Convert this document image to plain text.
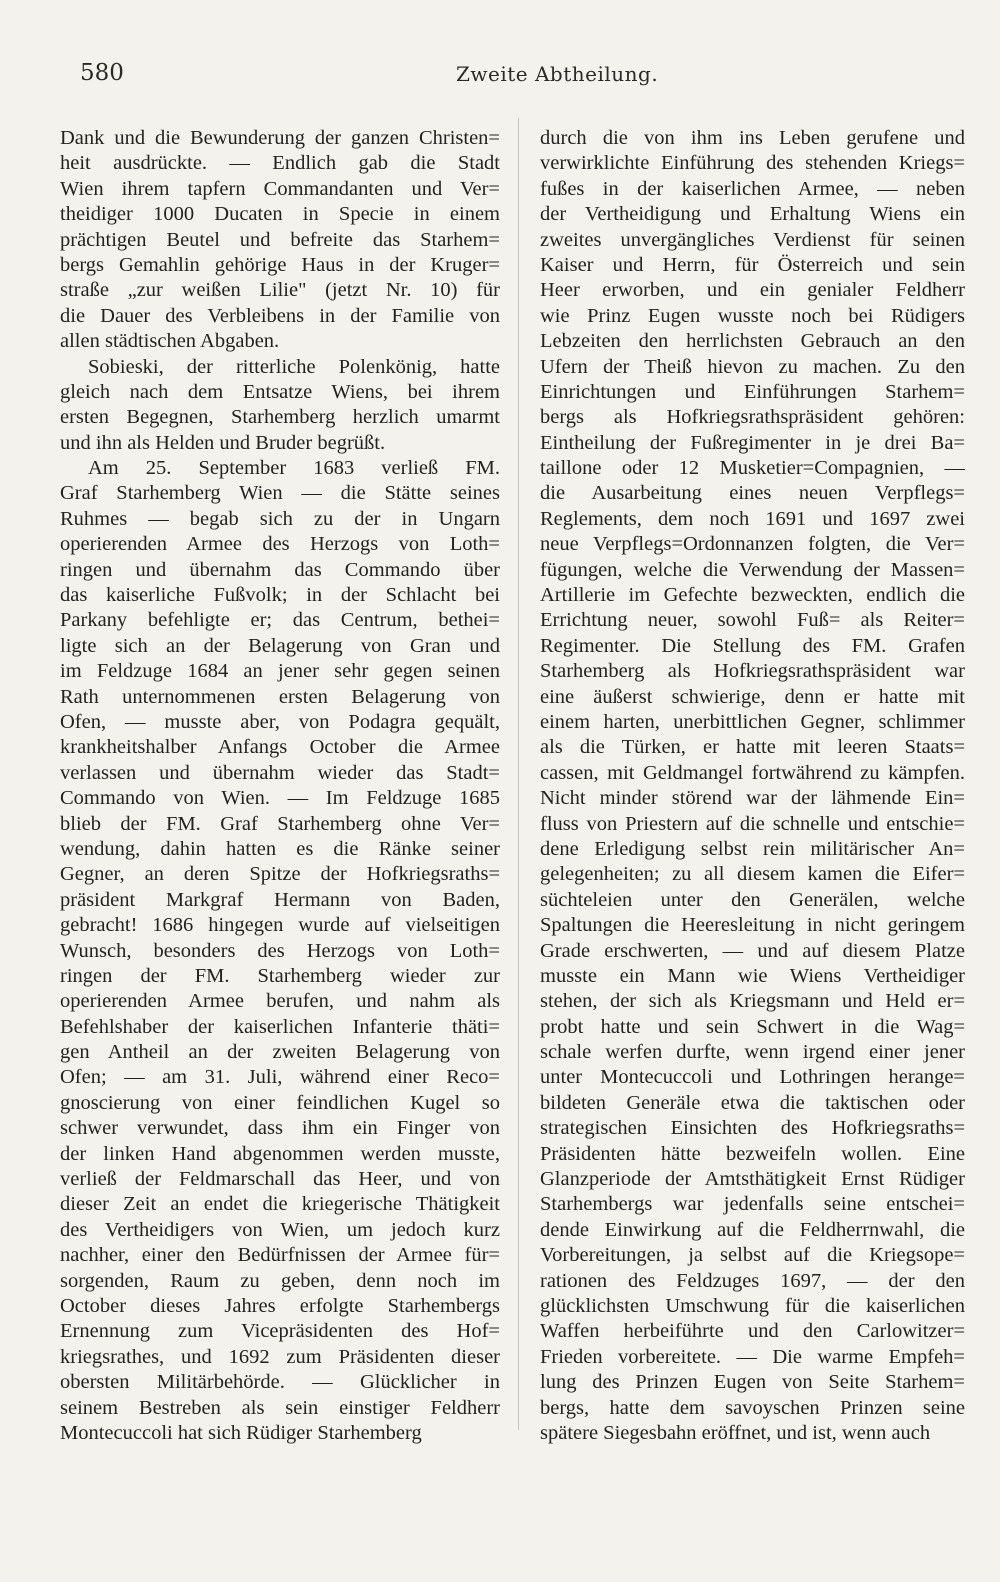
580	Zweite Abtheilung.
Dank und die Bewunderung der ganzen Christen=
heit ausdrückte. — Endlich gab die Stadt
Wien ihrem tapfern Commandanten und Ver=
theidiger 1000 Ducaten in Specie in einem
prächtigen Beutel und befreite das Starhem=
bergs Gemahlin gehörige Haus in der Kruger=
straße „zur weißen Lilie" (jetzt Nr. 10) für
die Dauer des Verbleibens in der Familie von
allen städtischen Abgaben.
Sobieski, der ritterliche Polenkönig, hatte
gleich nach dem Entsatze Wiens, bei ihrem
ersten Begegnen, Starhemberg herzlich umarmt
und ihn als Helden und Bruder begrüßt.
Am 25. September 1683 verließ FM.
Graf Starhemberg Wien — die Stätte seines
Ruhmes — begab sich zu der in Ungarn
operierenden Armee des Herzogs von Loth=
ringen und übernahm das Commando über
das kaiserliche Fußvolk; in der Schlacht bei
Parkany befehligte er; das Centrum, bethei=
ligte sich an der Belagerung von Gran und
im Feldzuge 1684 an jener sehr gegen seinen
Rath unternommenen ersten Belagerung von
Ofen, — musste aber, von Podagra gequält,
krankheitshalber Anfangs October die Armee
verlassen und übernahm wieder das Stadt=
Commando von Wien. — Im Feldzuge 1685
blieb der FM. Graf Starhemberg ohne Ver=
wendung, dahin hatten es die Ränke seiner
Gegner, an deren Spitze der Hofkriegsraths=
präsident Markgraf Hermann von Baden,
gebracht! 1686 hingegen wurde auf vielseitigen
Wunsch, besonders des Herzogs von Loth=
ringen der FM. Starhemberg wieder zur
operierenden Armee berufen, und nahm als
Befehlshaber der kaiserlichen Infanterie thäti=
gen Antheil an der zweiten Belagerung von
Ofen; — am 31. Juli, während einer Reco=
gnoscierung von einer feindlichen Kugel so
schwer verwundet, dass ihm ein Finger von
der linken Hand abgenommen werden musste,
verließ der Feldmarschall das Heer, und von
dieser Zeit an endet die kriegerische Thätigkeit
des Vertheidigers von Wien, um jedoch kurz
nachher, einer den Bedürfnissen der Armee für=
sorgenden, Raum zu geben, denn noch im
October dieses Jahres erfolgte Starhembergs
Ernennung zum Vicepräsidenten des Hof=
kriegsrathes, und 1692 zum Präsidenten dieser
obersten Militärbehörde. — Glücklicher in
seinem Bestreben als sein einstiger Feldherr
Montecuccoli hat sich Rüdiger Starhemberg
durch die von ihm ins Leben gerufene und
verwirklichte Einführung des stehenden Kriegs=
fußes in der kaiserlichen Armee, — neben
der Vertheidigung und Erhaltung Wiens ein
zweites unvergängliches Verdienst für seinen
Kaiser und Herrn, für Österreich und sein
Heer erworben, und ein genialer Feldherr
wie Prinz Eugen wusste noch bei Rüdigers
Lebzeiten den herrlichsten Gebrauch an den
Ufern der Theiß hievon zu machen. Zu den
Einrichtungen und Einführungen Starhem=
bergs als Hofkriegsrathspräsident gehören:
Eintheilung der Fußregimenter in je drei Ba=
taillone oder 12 Musketier=Compagnien, —
die Ausarbeitung eines neuen Verpflegs=
Reglements, dem noch 1691 und 1697 zwei
neue Verpflegs=Ordonnanzen folgten, die Ver=
fügungen, welche die Verwendung der Massen=
Artillerie im Gefechte bezweckten, endlich die
Errichtung neuer, sowohl Fuß= als Reiter=
Regimenter. Die Stellung des FM. Grafen
Starhemberg als Hofkriegsrathspräsident war
eine äußerst schwierige, denn er hatte mit
einem harten, unerbittlichen Gegner, schlimmer
als die Türken, er hatte mit leeren Staats=
cassen, mit Geldmangel fortwährend zu kämpfen.
Nicht minder störend war der lähmende Ein=
fluss von Priestern auf die schnelle und entschie=
dene Erledigung selbst rein militärischer An=
gelegenheiten; zu all diesem kamen die Eifer=
süchteleien unter den Generälen, welche
Spaltungen die Heeresleitung in nicht geringem
Grade erschwerten, — und auf diesem Platze
musste ein Mann wie Wiens Vertheidiger
stehen, der sich als Kriegsmann und Held er=
probt hatte und sein Schwert in die Wag=
schale werfen durfte, wenn irgend einer jener
unter Montecuccoli und Lothringen herange=
bildeten Generäle etwa die taktischen oder
strategischen Einsichten des Hofkriegsraths=
Präsidenten hätte bezweifeln wollen. Eine
Glanzperiode der Amtsthätigkeit Ernst Rüdiger
Starhembergs war jedenfalls seine entschei=
dende Einwirkung auf die Feldherrnwahl, die
Vorbereitungen, ja selbst auf die Kriegsope=
rationen des Feldzuges 1697, — der den
glücklichsten Umschwung für die kaiserlichen
Waffen herbeiführte und den Carlowitzer=
Frieden vorbereitete. — Die warme Empfeh=
lung des Prinzen Eugen von Seite Starhem=
bergs, hatte dem savoyschen Prinzen seine
spätere Siegesbahn eröffnet, und ist, wenn auch
